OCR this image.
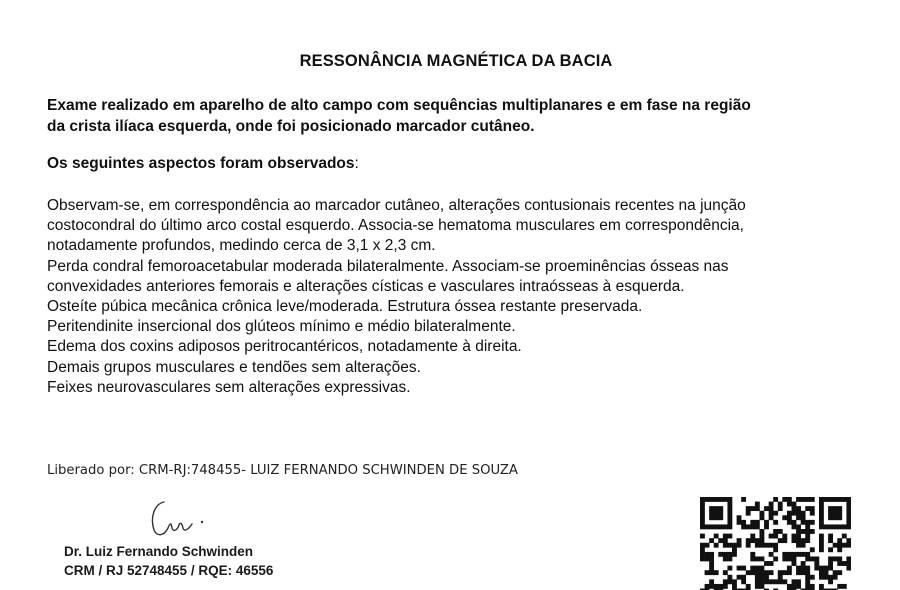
RESSONÂNCIA MAGNÉTICA DA BACIA
Exame realizado em aparelho de alto campo com sequências multiplanares e em fase na região
da crista ilíaca esquerda, onde foi posicionado marcador cutâneo.
Os seguintes aspectos foram observados:
Observam-se, em correspondência ao marcador cutâneo, alterações contusionais recentes na junção
costocondral do último arco costal esquerdo. Associa-se hematoma musculares em correspondência,
notadamente profundos, medindo cerca de 3,1 x 2,3 cm.
Perda condral femoroacetabular moderada bilateralmente. Associam-se proeminências ósseas nas
convexidades anteriores femorais e alterações císticas e vasculares intraósseas à esquerda.
Osteíte púbica mecânica crônica leve/moderada. Estrutura óssea restante preservada.
Peritendinite insercional dos glúteos mínimo e médio bilateralmente.
Edema dos coxins adiposos peritrocantéricos, notadamente à direita.
Demais grupos musculares e tendões sem alterações.
Feixes neurovasculares sem alterações expressivas.
Liberado por: CRM-RJ:748455- LUIZ FERNANDO SCHWINDEN DE SOUZA
Dr. Luiz Fernando Schwinden
CRM / RJ 52748455 / RQE: 46556
